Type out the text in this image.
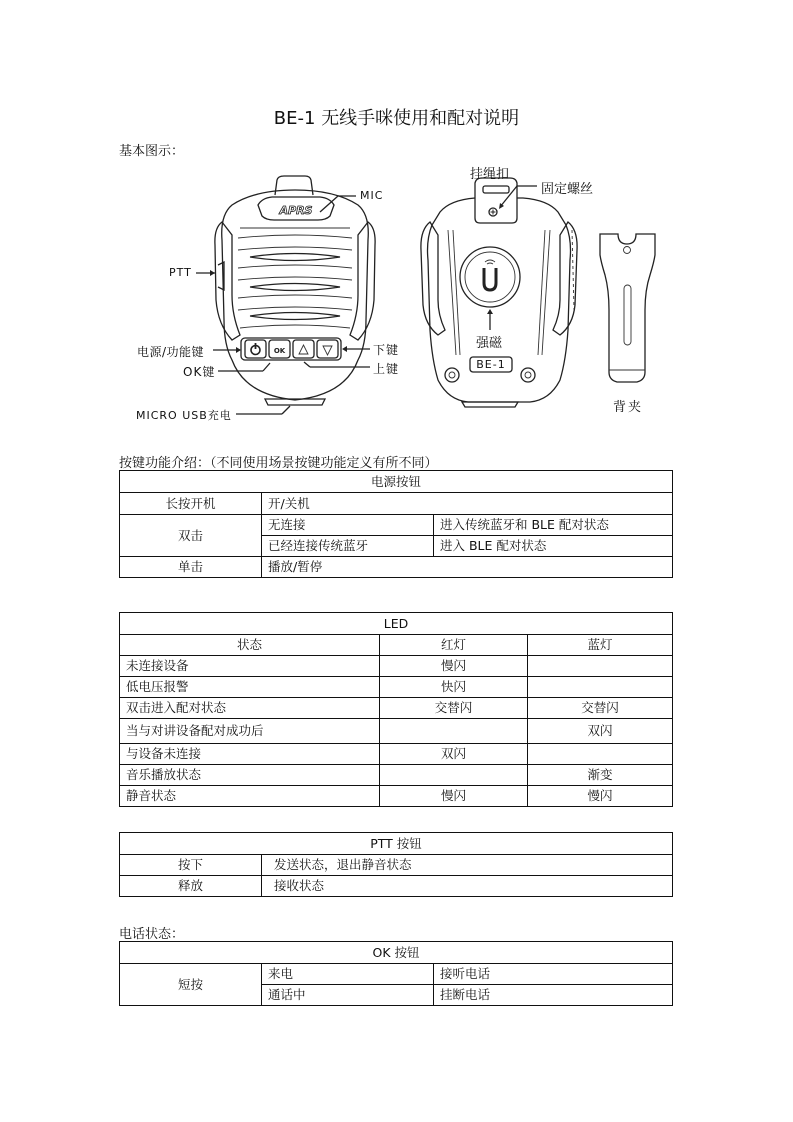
BE-1 无线手咪使用和配对说明
基本图示：
APRS
OK
MIC
PTT
电源/功能键
OK键
下键
上键
MICRO USB充电
挂绳扣
固定螺丝
强磁
BE-1
背夹
按键功能介绍：（不同使用场景按键功能定义有所不同）
电源按钮		
长按开机	开/关机	
双击	无连接	进入传统蓝牙和 BLE 配对状态
	已经连接传统蓝牙	进入 BLE 配对状态
单击	播放/暂停	
LED		
状态	红灯	蓝灯
未连接设备	慢闪	
低电压报警	快闪	
双击进入配对状态	交替闪	交替闪
当与对讲设备配对成功后		双闪
与设备未连接	双闪	
音乐播放状态		渐变
静音状态	慢闪	慢闪
PTT 按钮	
按下	发送状态，退出静音状态
释放	接收状态
电话状态：
OK 按钮		
短按	来电	接听电话
	通话中	挂断电话
